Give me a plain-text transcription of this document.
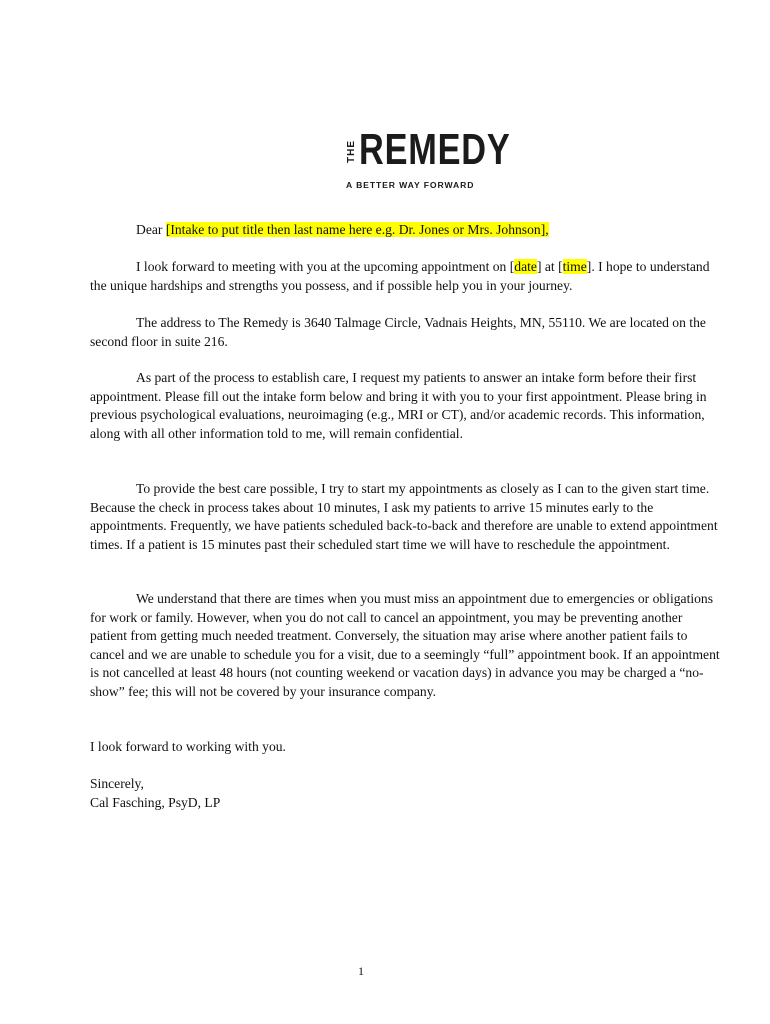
THE REMEDY
A BETTER WAY FORWARD

Dear [Intake to put title then last name here e.g. Dr. Jones or Mrs. Johnson],

I look forward to meeting with you at the upcoming appointment on [date] at [time]. I hope to understand the unique hardships and strengths you possess, and if possible help you in your journey.

The address to The Remedy is 3640 Talmage Circle, Vadnais Heights, MN, 55110. We are located on the second floor in suite 216.

As part of the process to establish care, I request my patients to answer an intake form before their first appointment. Please fill out the intake form below and bring it with you to your first appointment. Please bring in previous psychological evaluations, neuroimaging (e.g., MRI or CT), and/or academic records. This information, along with all other information told to me, will remain confidential.

To provide the best care possible, I try to start my appointments as closely as I can to the given start time. Because the check in process takes about 10 minutes, I ask my patients to arrive 15 minutes early to the appointments. Frequently, we have patients scheduled back-to-back and therefore are unable to extend appointment times. If a patient is 15 minutes past their scheduled start time we will have to reschedule the appointment.

We understand that there are times when you must miss an appointment due to emergencies or obligations for work or family. However, when you do not call to cancel an appointment, you may be preventing another patient from getting much needed treatment. Conversely, the situation may arise where another patient fails to cancel and we are unable to schedule you for a visit, due to a seemingly “full” appointment book. If an appointment is not cancelled at least 48 hours (not counting weekend or vacation days) in advance you may be charged a “no-show” fee; this will not be covered by your insurance company.

I look forward to working with you.

Sincerely,

Cal Fasching, PsyD, LP

1
